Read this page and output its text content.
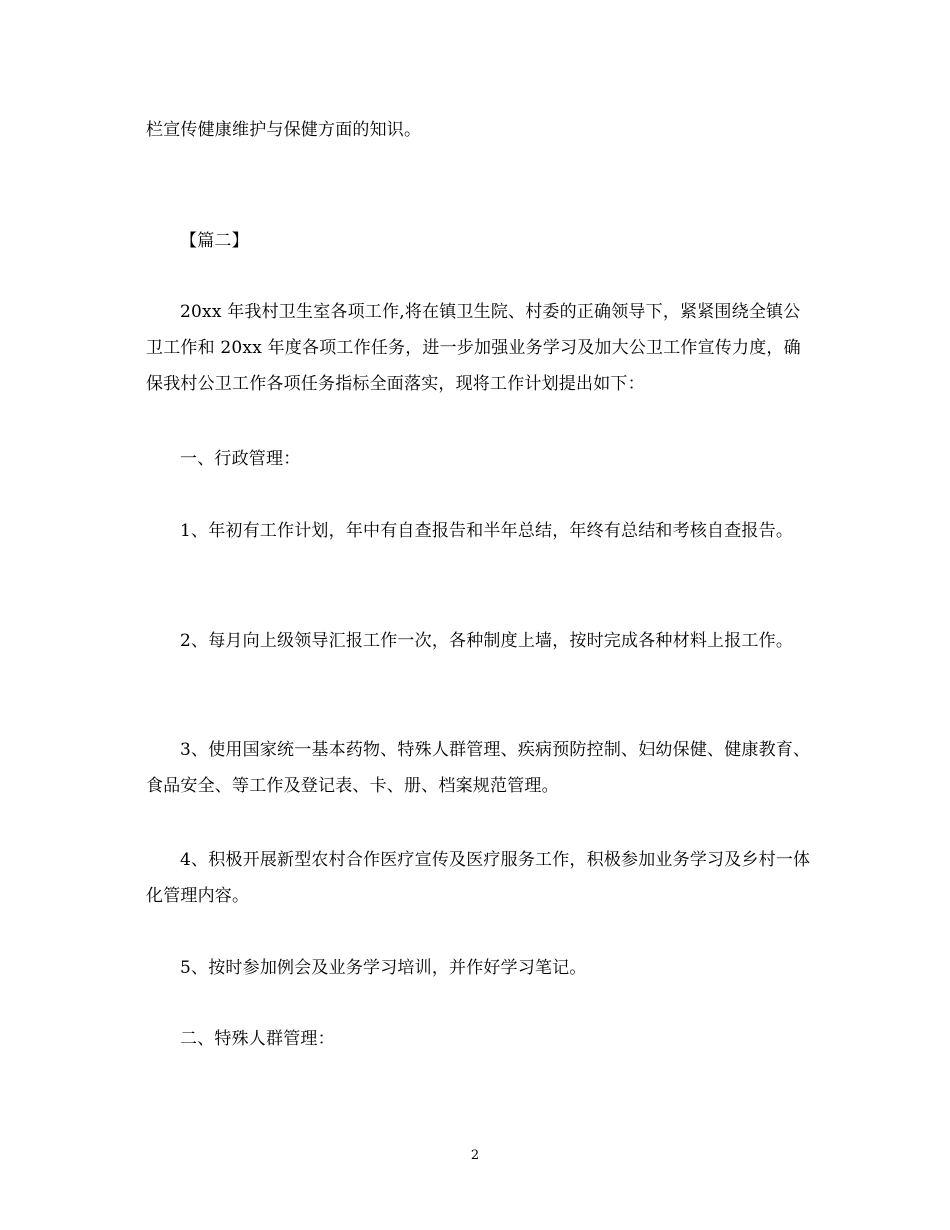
栏宣传健康维护与保健方面的知识。

【篇二】

20xx 年我村卫生室各项工作,将在镇卫生院、村委的正确领导下，紧紧围绕全镇公卫工作和 20xx 年度各项工作任务，进一步加强业务学习及加大公卫工作宣传力度，确保我村公卫工作各项任务指标全面落实，现将工作计划提出如下：

一、行政管理：

1、年初有工作计划，年中有自查报告和半年总结，年终有总结和考核自查报告。

2、每月向上级领导汇报工作一次，各种制度上墙，按时完成各种材料上报工作。

3、使用国家统一基本药物、特殊人群管理、疾病预防控制、妇幼保健、健康教育、食品安全、等工作及登记表、卡、册、档案规范管理。

4、积极开展新型农村合作医疗宣传及医疗服务工作，积极参加业务学习及乡村一体化管理内容。

5、按时参加例会及业务学习培训，并作好学习笔记。

二、特殊人群管理：

2
